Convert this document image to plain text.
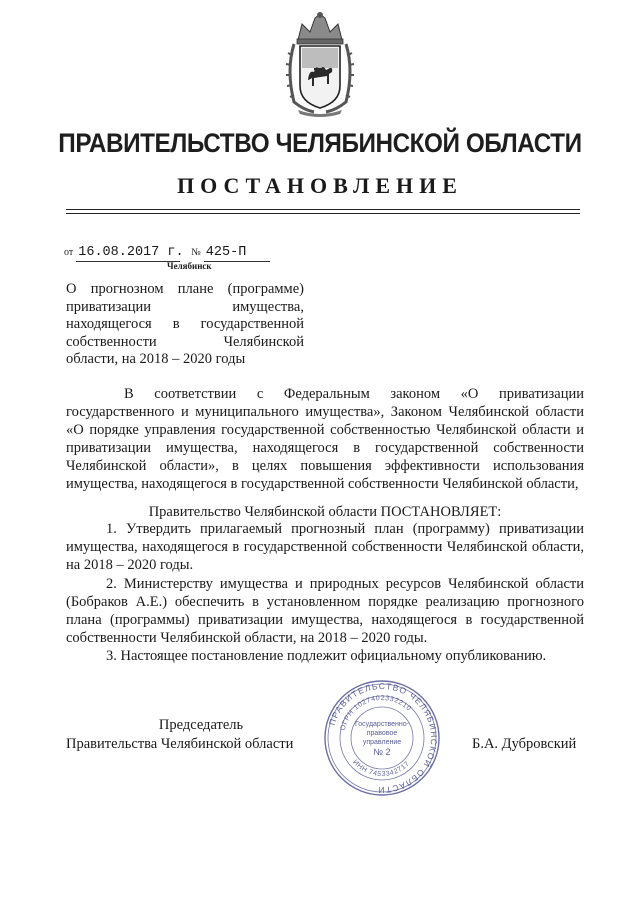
ПРАВИТЕЛЬСТВО ЧЕЛЯБИНСКОЙ ОБЛАСТИ
ПОСТАНОВЛЕНИЕ
от 16.08.2017 г. № 425-П
Челябинск
О прогнозном плане (программе)
приватизации имущества,
находящегося в государственной
собственности Челябинской
области, на 2018 – 2020 годы
В соответствии с Федеральным законом «О приватизации государственного и муниципального имущества», Законом Челябинской области «О порядке управления государственной собственностью Челябинской области и приватизации имущества, находящегося в государственной собственности Челябинской области», в целях повышения эффективности использования имущества, находящегося в государственной собственности Челябинской области,
Правительство Челябинской области ПОСТАНОВЛЯЕТ:
1. Утвердить прилагаемый прогнозный план (программу) приватизации имущества, находящегося в государственной собственности Челябинской области, на 2018 – 2020 годы.
2. Министерству имущества и природных ресурсов Челябинской области (Бобраков А.Е.) обеспечить в установленном порядке реализацию прогнозного плана (программы) приватизации имущества, находящегося в государственной собственности Челябинской области, на 2018 – 2020 годы.
3. Настоящее постановление подлежит официальному опубликованию.
Председатель
Правительства Челябинской области	Б.А. Дубровский
ПРАВИТЕЛЬСТВО ЧЕЛЯБИНСКОЙ ОБЛАСТИ
ОГРН 1027402332210
ИНН 7453342717
Государственно-
правовое
управление
№ 2
